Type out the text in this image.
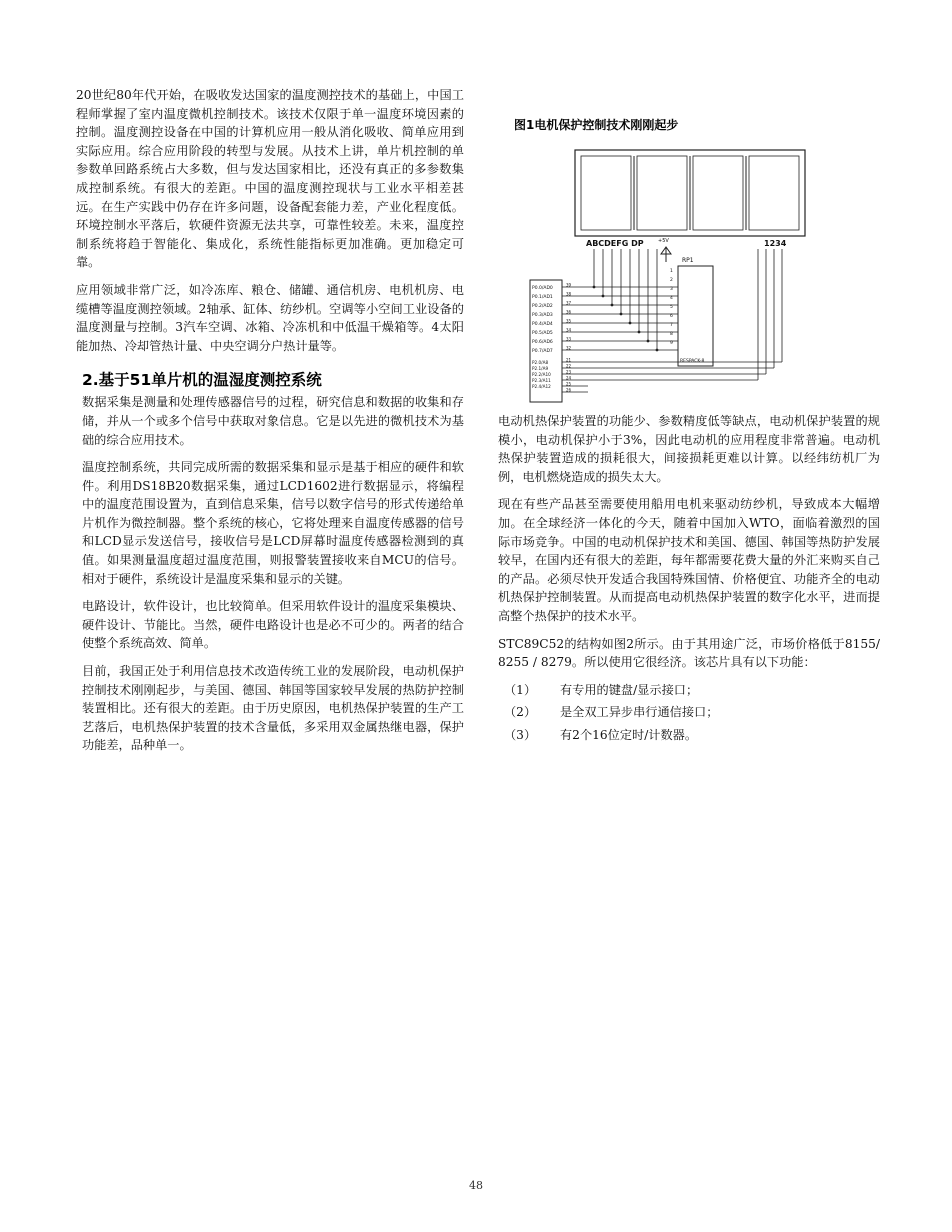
20世纪80年代开始，在吸收发达国家的温度测控技术的基础上，中国工程师掌握了室内温度微机控制技术。该技术仅限于单一温度环境因素的控制。温度测控设备在中国的计算机应用一般从消化吸收、简单应用到实际应用。综合应用阶段的转型与发展。从技术上讲，单片机控制的单参数单回路系统占大多数，但与发达国家相比，还没有真正的多参数集成控制系统。有很大的差距。中国的温度测控现状与工业水平相差甚远。在生产实践中仍存在许多问题，设备配套能力差，产业化程度低。环境控制水平落后，软硬件资源无法共享，可靠性较差。未来，温度控制系统将趋于智能化、集成化，系统性能指标更加准确。更加稳定可靠。

应用领域非常广泛，如冷冻库、粮仓、储罐、通信机房、电机机房、电缆槽等温度测控领域。2轴承、缸体、纺纱机。空调等小空间工业设备的温度测量与控制。3汽车空调、冰箱、冷冻机和中低温干燥箱等。4太阳能加热、冷却管热计量、中央空调分户热计量等。

2.基于51单片机的温湿度测控系统

数据采集是测量和处理传感器信号的过程，研究信息和数据的收集和存储，并从一个或多个信号中获取对象信息。它是以先进的微机技术为基础的综合应用技术。

温度控制系统，共同完成所需的数据采集和显示是基于相应的硬件和软件。利用DS18B20数据采集，通过LCD1602进行数据显示，将编程中的温度范围设置为，直到信息采集，信号以数字信号的形式传递给单片机作为微控制器。整个系统的核心，它将处理来自温度传感器的信号和LCD显示发送信号，接收信号是LCD屏幕时温度传感器检测到的真值。如果测量温度超过温度范围，则报警装置接收来自MCU的信号。相对于硬件，系统设计是温度采集和显示的关键。

电路设计，软件设计，也比较简单。但采用软件设计的温度采集模块、硬件设计、节能比。当然，硬件电路设计也是必不可少的。两者的结合使整个系统高效、简单。

目前，我国正处于利用信息技术改造传统工业的发展阶段，电动机保护控制技术刚刚起步，与美国、德国、韩国等国家较早发展的热防护控制装置相比。还有很大的差距。由于历史原因，电机热保护装置的生产工艺落后，电机热保护装置的技术含量低，多采用双金属热继电器，保护功能差，品种单一。

图1电机保护控制技术刚刚起步
ABCDEFG DP	1234
+5V
RP1
RESPACK-8
1
2
3
4
5
6
7
8
9
P0.0/AD0
39
P0.1/AD1
38
P0.2/AD2
37
P0.3/AD3
36
P0.4/AD4
35
P0.5/AD5
34
P0.6/AD6
33
P0.7/AD7
32
P2.0/A8	21
P2.1/A9	22
P2.2/A10	23
P2.3/A11	24
P2.4/A12	25
26

电动机热保护装置的功能少、参数精度低等缺点，电动机保护装置的规模小，电动机保护小于3%，因此电动机的应用程度非常普遍。电动机热保护装置造成的损耗很大，间接损耗更难以计算。以经纬纺机厂为例，电机燃烧造成的损失太大。

现在有些产品甚至需要使用船用电机来驱动纺纱机，导致成本大幅增加。在全球经济一体化的今天，随着中国加入WTO，面临着激烈的国际市场竞争。中国的电动机保护技术和美国、德国、韩国等热防护发展较早，在国内还有很大的差距，每年都需要花费大量的外汇来购买自己的产品。必须尽快开发适合我国特殊国情、价格便宜、功能齐全的电动机热保护控制装置。从而提高电动机热保护装置的数字化水平，进而提高整个热保护的技术水平。

STC89C52的结构如图2所示。由于其用途广泛，市场价格低于8155/8255 / 8279。所以使用它很经济。该芯片具有以下功能：

（1）	有专用的键盘/显示接口；
（2）	是全双工异步串行通信接口；
（3）	有2个16位定时/计数器。
48
